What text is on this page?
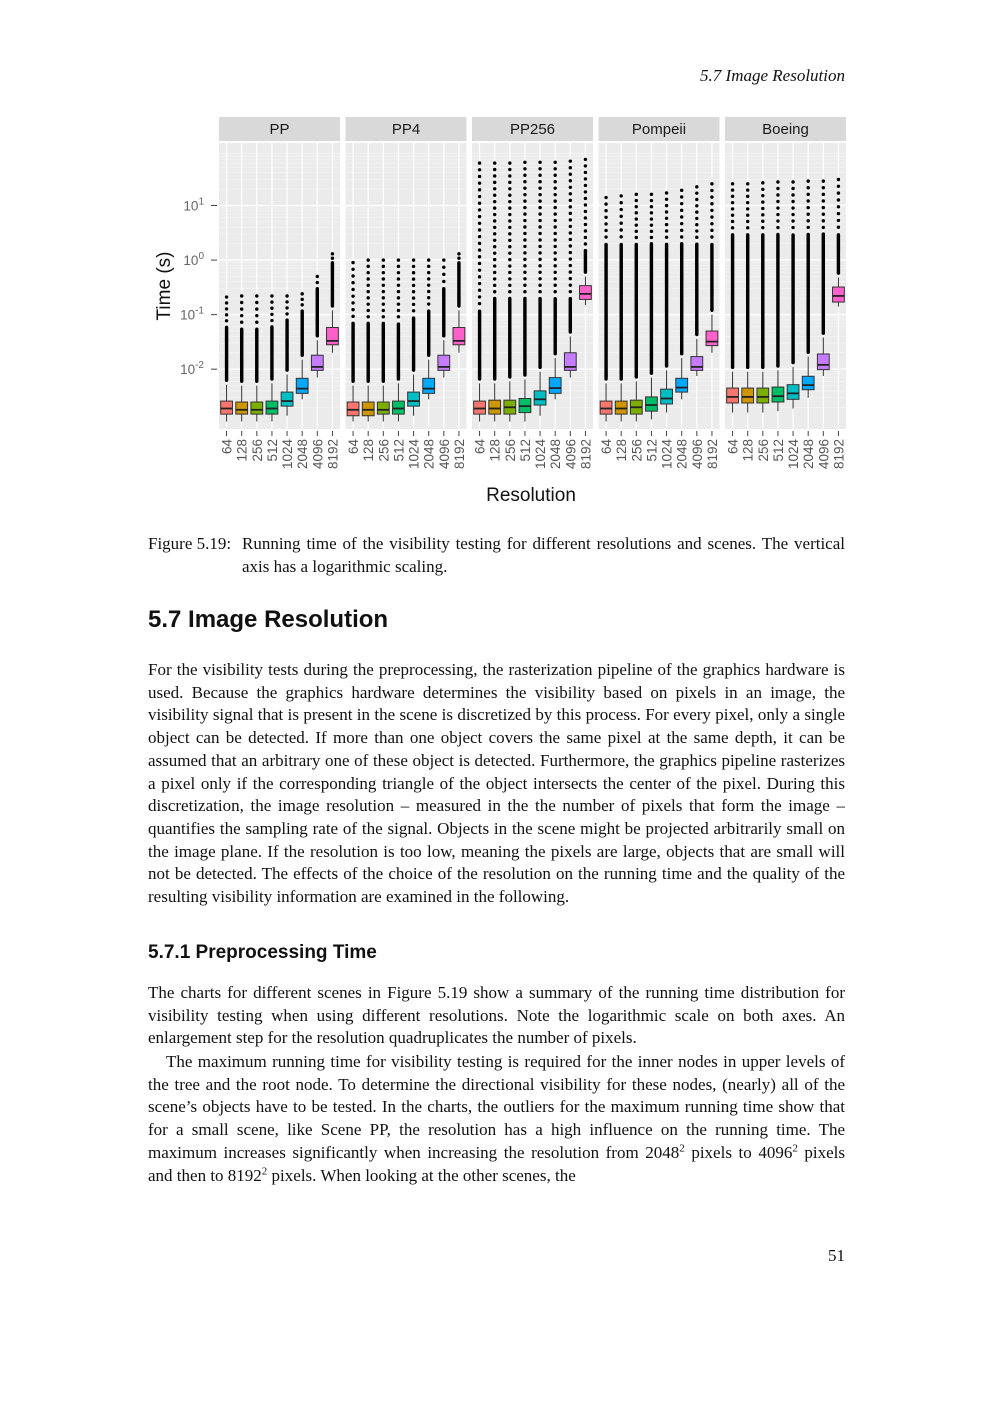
5.7 Image Resolution
PP
64 128 256 512 1024 2048 4096 8192
PP4
64 128 256 512 1024 2048 4096 8192
PP256
64 128 256 512 1024 2048 4096 8192
Pompeii
64 128 256 512 1024 2048 4096 8192
Boeing
64 128 256 512 1024 2048 4096 8192
$10^{-2}$
$10^{-1}$
$10^0$
$10^1$
Time (s)
Resolution
Figure 5.19: Running time of the visibility testing for different resolutions and scenes. The vertical axis has a logarithmic scaling.
5.7 Image Resolution

For the visibility tests during the preprocessing, the rasterization pipeline of the graphics hardware is used. Because the graphics hardware determines the visibility based on pixels in an image, the visibility signal that is present in the scene is discretized by this process. For every pixel, only a single object can be detected. If more than one object covers the same pixel at the same depth, it can be assumed that an arbitrary one of these object is detected. Furthermore, the graphics pipeline rasterizes a pixel only if the corresponding triangle of the object intersects the center of the pixel. During this discretization, the image resolution – measured in the the number of pixels that form the image – quantifies the sampling rate of the signal. Objects in the scene might be projected arbitrarily small on the image plane. If the resolution is too low, meaning the pixels are large, objects that are small will not be detected. The effects of the choice of the resolution on the running time and the quality of the resulting visibility information are examined in the following.

5.7.1 Preprocessing Time

The charts for different scenes in Figure 5.19 show a summary of the running time distribution for visibility testing when using different resolutions. Note the logarithmic scale on both axes. An enlargement step for the resolution quadruplicates the number of pixels.

The maximum running time for visibility testing is required for the inner nodes in upper levels of the tree and the root node. To determine the directional visibility for these nodes, (nearly) all of the scene’s objects have to be tested. In the charts, the outliers for the maximum running time show that for a small scene, like Scene PP, the resolution has a high influence on the running time. The maximum increases significantly when increasing the resolution from 2048$^2$ pixels to 4096$^2$ pixels and then to 8192$^2$ pixels. When looking at the other scenes, the

51
